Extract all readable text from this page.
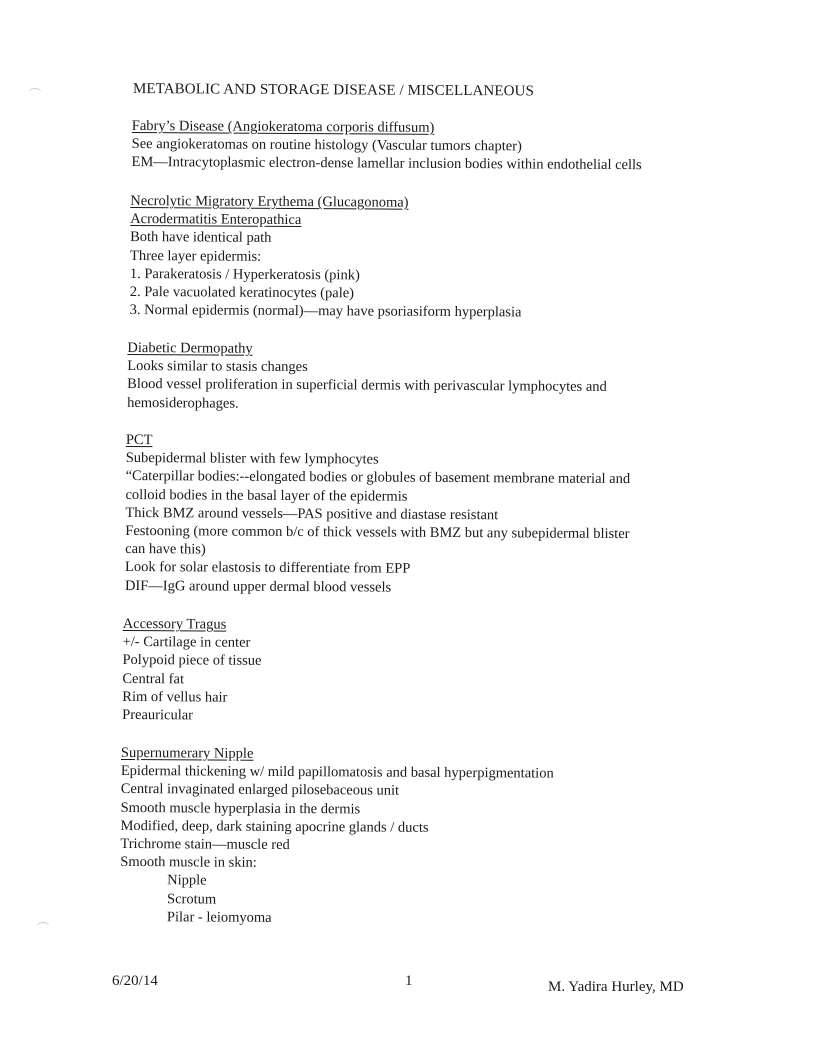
METABOLIC AND STORAGE DISEASE / MISCELLANEOUS
Fabry’s Disease (Angiokeratoma corporis diffusum)
See angiokeratomas on routine histology (Vascular tumors chapter)
EM—Intracytoplasmic electron-dense lamellar inclusion bodies within endothelial cells
Necrolytic Migratory Erythema (Glucagonoma)
Acrodermatitis Enteropathica
Both have identical path
Three layer epidermis:
1. Parakeratosis / Hyperkeratosis (pink)
2. Pale vacuolated keratinocytes (pale)
3. Normal epidermis (normal)—may have psoriasiform hyperplasia
Diabetic Dermopathy
Looks similar to stasis changes
Blood vessel proliferation in superficial dermis with perivascular lymphocytes and
hemosiderophages.
PCT
Subepidermal blister with few lymphocytes
“Caterpillar bodies:--elongated bodies or globules of basement membrane material and
colloid bodies in the basal layer of the epidermis
Thick BMZ around vessels—PAS positive and diastase resistant
Festooning (more common b/c of thick vessels with BMZ but any subepidermal blister
can have this)
Look for solar elastosis to differentiate from EPP
DIF—IgG around upper dermal blood vessels
Accessory Tragus
+/- Cartilage in center
Polypoid piece of tissue
Central fat
Rim of vellus hair
Preauricular
Supernumerary Nipple
Epidermal thickening w/ mild papillomatosis and basal hyperpigmentation
Central invaginated enlarged pilosebaceous unit
Smooth muscle hyperplasia in the dermis
Modified, deep, dark staining apocrine glands / ducts
Trichrome stain—muscle red
Smooth muscle in skin:
Nipple
Scrotum
Pilar - leiomyoma
6/20/14	1	M. Yadira Hurley, MD
